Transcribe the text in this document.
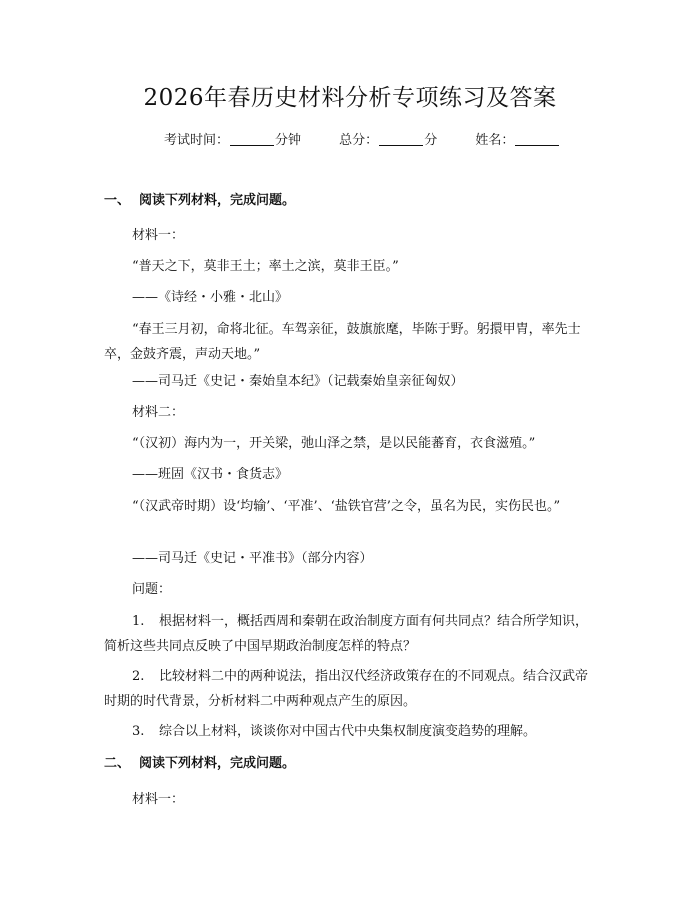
2026年春历史材料分析专项练习及答案
考试时间：	分钟	总分：	分	姓名：
一、 阅读下列材料，完成问题。
材料一：
“普天之下，莫非王土；率土之滨，莫非王臣。”
——《诗经・小雅・北山》
“春王三月初，命将北征。车驾亲征，鼓旗旅麾，毕陈于野。躬擐甲胄，率先士卒，金鼓齐震，声动天地。”
——司马迁《史记・秦始皇本纪》（记载秦始皇亲征匈奴）
材料二：
“（汉初）海内为一，开关梁，弛山泽之禁，是以民能蕃育，衣食滋殖。”
——班固《汉书・食货志》
“（汉武帝时期）设‘均输’、‘平准’、‘盐铁官营’之令，虽名为民，实伤民也。”
——司马迁《史记・平准书》（部分内容）
问题：
1. 根据材料一，概括西周和秦朝在政治制度方面有何共同点？结合所学知识，简析这些共同点反映了中国早期政治制度怎样的特点？
2. 比较材料二中的两种说法，指出汉代经济政策存在的不同观点。结合汉武帝时期的时代背景，分析材料二中两种观点产生的原因。
3. 综合以上材料，谈谈你对中国古代中央集权制度演变趋势的理解。
二、 阅读下列材料，完成问题。
材料一：
